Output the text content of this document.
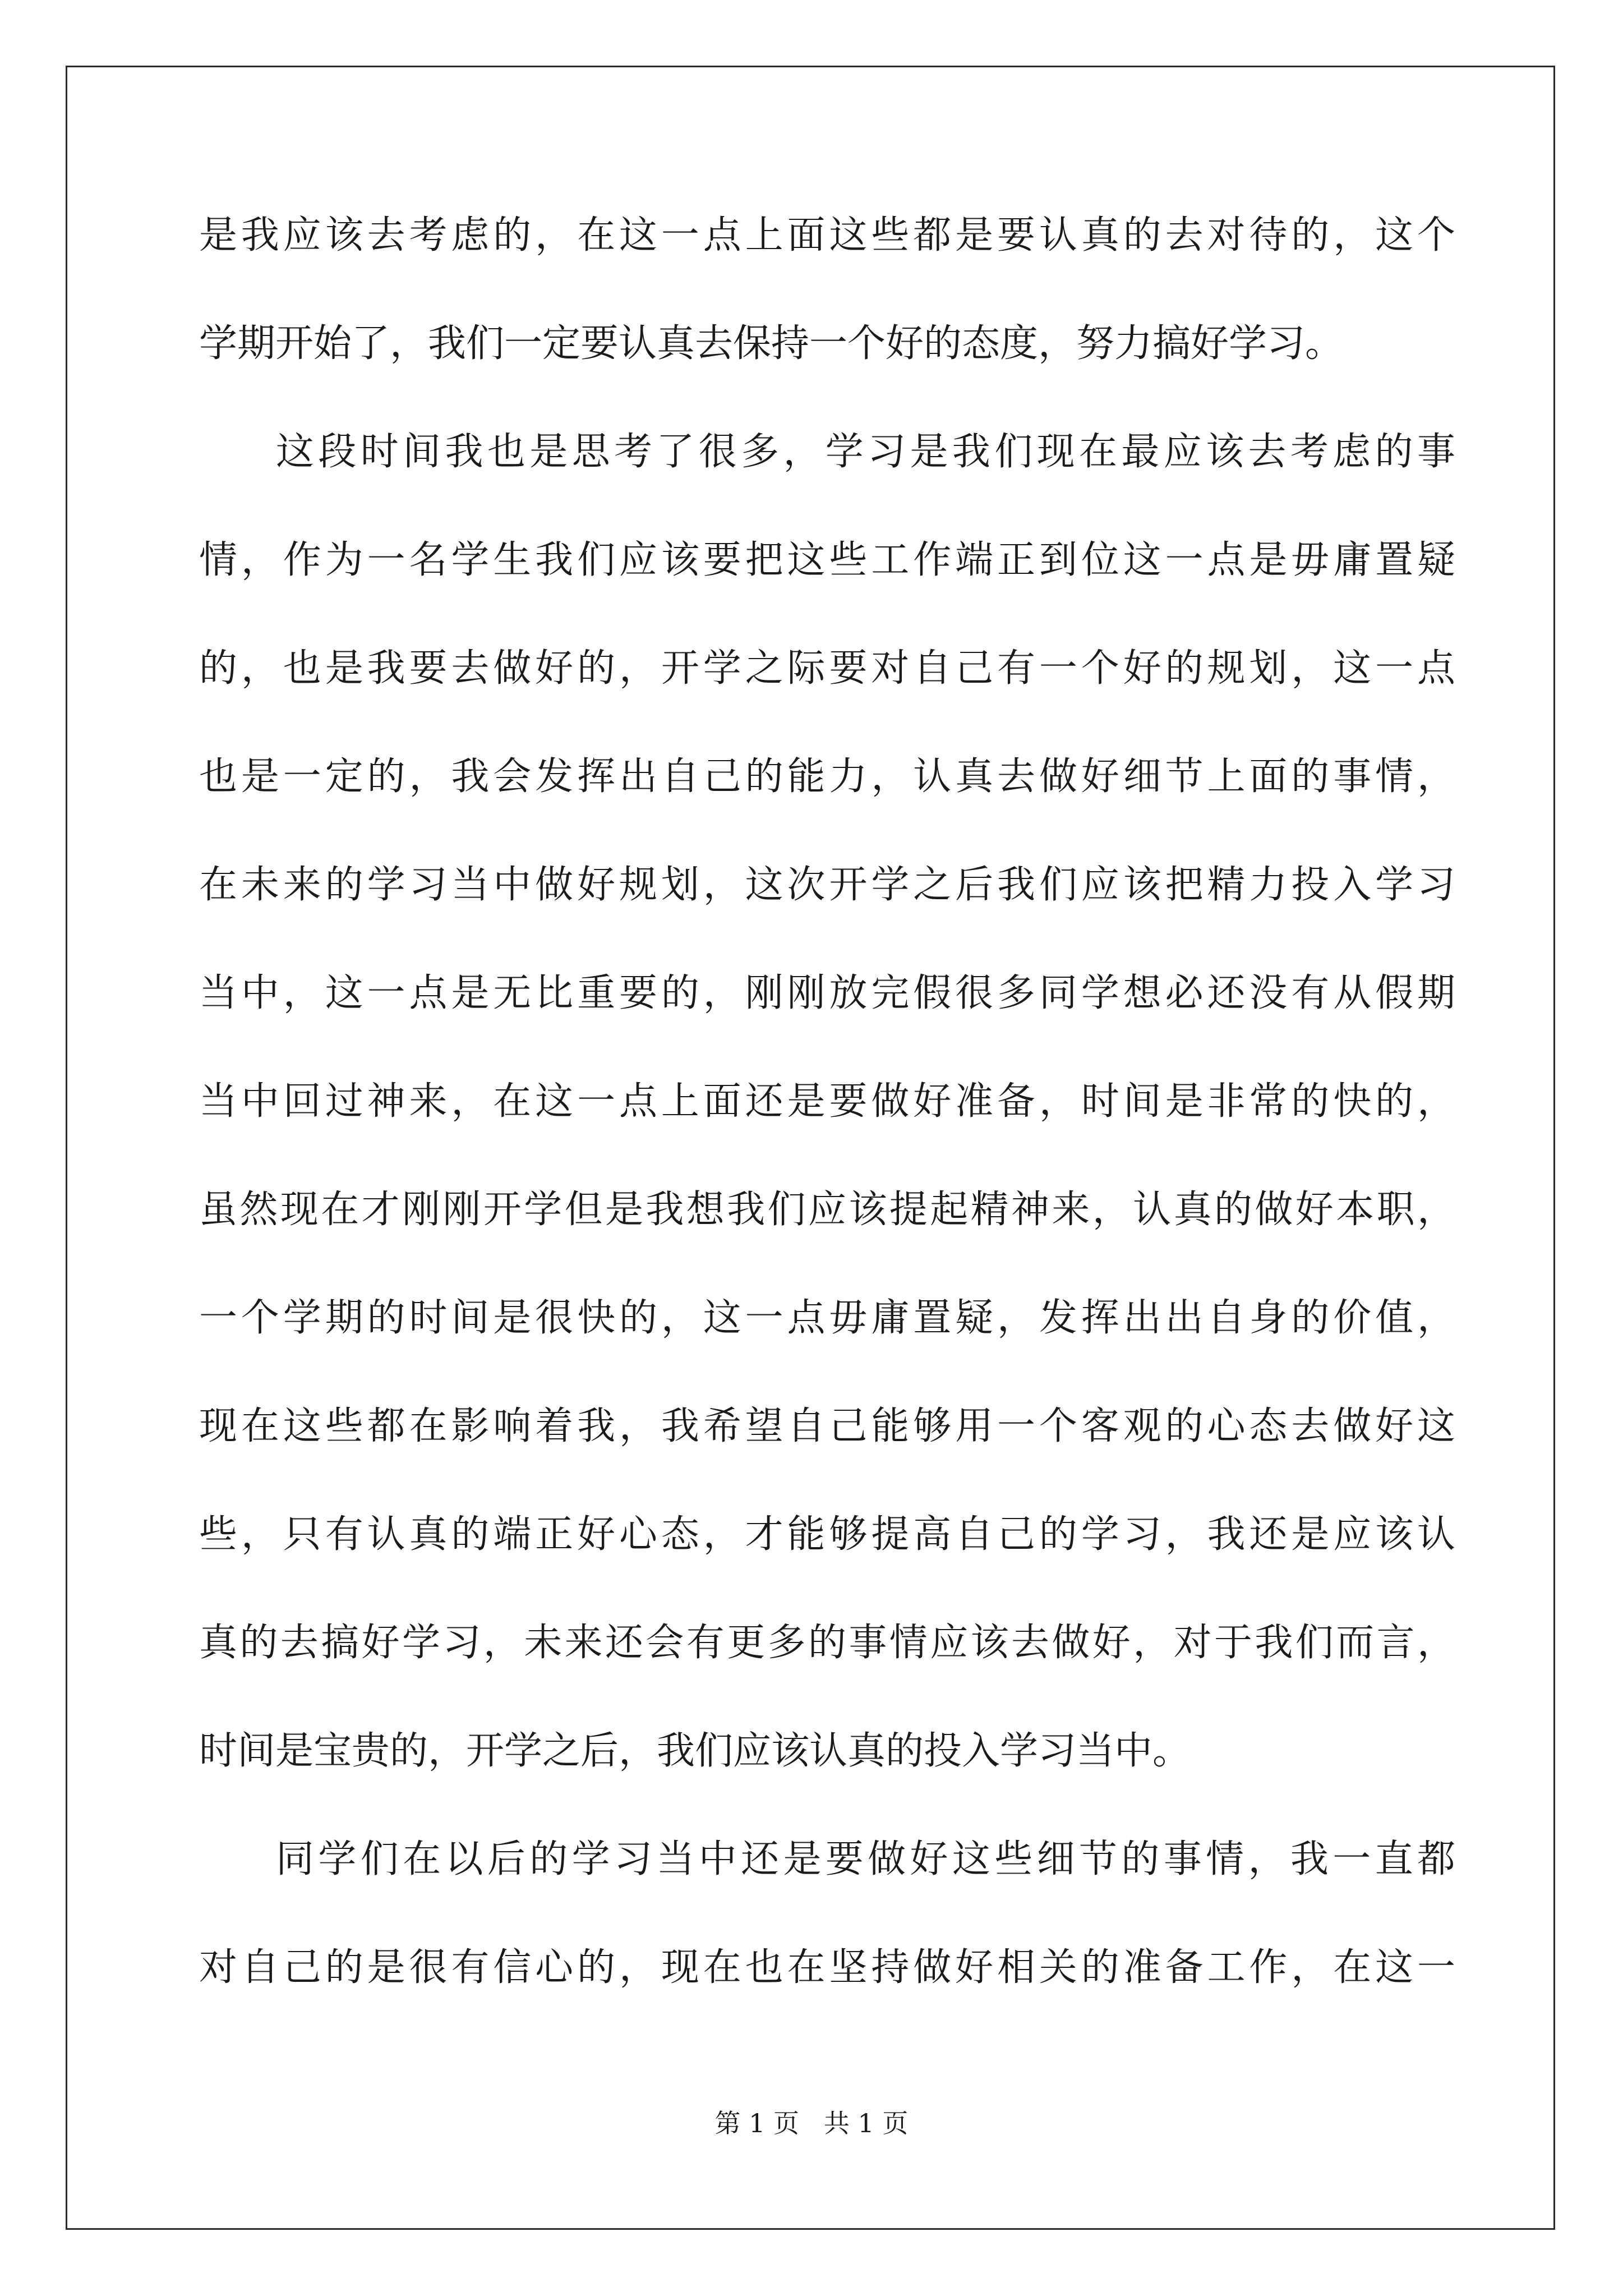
是我应该去考虑的，在这一点上面这些都是要认真的去对待的，这个
学期开始了，我们一定要认真去保持一个好的态度，努力搞好学习。
这段时间我也是思考了很多，学习是我们现在最应该去考虑的事
情，作为一名学生我们应该要把这些工作端正到位这一点是毋庸置疑
的，也是我要去做好的，开学之际要对自己有一个好的规划，这一点
也是一定的，我会发挥出自己的能力，认真去做好细节上面的事情，
在未来的学习当中做好规划，这次开学之后我们应该把精力投入学习
当中，这一点是无比重要的，刚刚放完假很多同学想必还没有从假期
当中回过神来，在这一点上面还是要做好准备，时间是非常的快的，
虽然现在才刚刚开学但是我想我们应该提起精神来，认真的做好本职，
一个学期的时间是很快的，这一点毋庸置疑，发挥出出自身的价值，
现在这些都在影响着我，我希望自己能够用一个客观的心态去做好这
些，只有认真的端正好心态，才能够提高自己的学习，我还是应该认
真的去搞好学习，未来还会有更多的事情应该去做好，对于我们而言，
时间是宝贵的，开学之后，我们应该认真的投入学习当中。
同学们在以后的学习当中还是要做好这些细节的事情，我一直都
对自己的是很有信心的，现在也在坚持做好相关的准备工作，在这一
第 1 页   共 1 页
